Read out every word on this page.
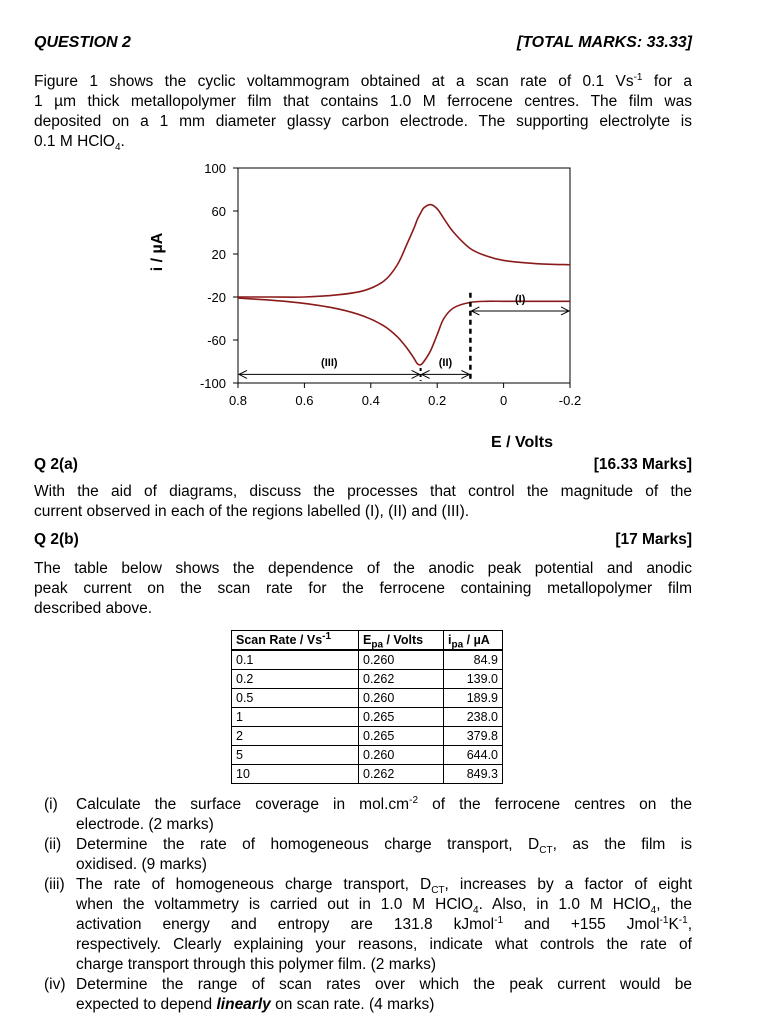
QUESTION 2	[TOTAL MARKS: 33.33]
Figure 1 shows the cyclic voltammogram obtained at a scan rate of 0.1 $Vs^{-1}$ for a
1 µm thick metallopolymer film that contains 1.0 M ferrocene centres. The film was
deposited on a 1 mm diameter glassy carbon electrode. The supporting electrolyte is
0.1 M HClO$_4$.
0.8	0.6	0.4	0.2	0	-0.2
100
60
20
-20
-60
-100
(I)
(II)
(III)
i / µA
E / Volts
Q 2(a)	[16.33 Marks]
With the aid of diagrams, discuss the processes that control the magnitude of the
current observed in each of the regions labelled (I), (II) and (III).
Q 2(b)	[17 Marks]
The table below shows the dependence of the anodic peak potential and anodic
peak current on the scan rate for the ferrocene containing metallopolymer film
described above.
Scan Rate / $Vs^{-1}$	$E_{pa}$ / Volts	$i_{pa}$ / µA
0.1	0.260	84.9
0.2	0.262	139.0
0.5	0.260	189.9
1	0.265	238.0
2	0.265	379.8
5	0.260	644.0
10	0.262	849.3
(i)	Calculate the surface coverage in $mol.cm^{-2}$ of the ferrocene centres on the
electrode. (2 marks)
(ii) Determine the rate of homogeneous charge transport, $D_{CT}$, as the film is
oxidised. (9 marks)
(iii) The rate of homogeneous charge transport, $D_{CT}$, increases by a factor of eight
when the voltammetry is carried out in 1.0 M HClO$_4$. Also, in 1.0 M HClO$_4$, the
activation energy and entropy are 131.8 kJmol$^{-1}$ and +155 $Jmol^{-1}K^{-1}$,
respectively. Clearly explaining your reasons, indicate what controls the rate of
charge transport through this polymer film. (2 marks)
(iv) Determine the range of scan rates over which the peak current would be
expected to depend linearly on scan rate. (4 marks)
